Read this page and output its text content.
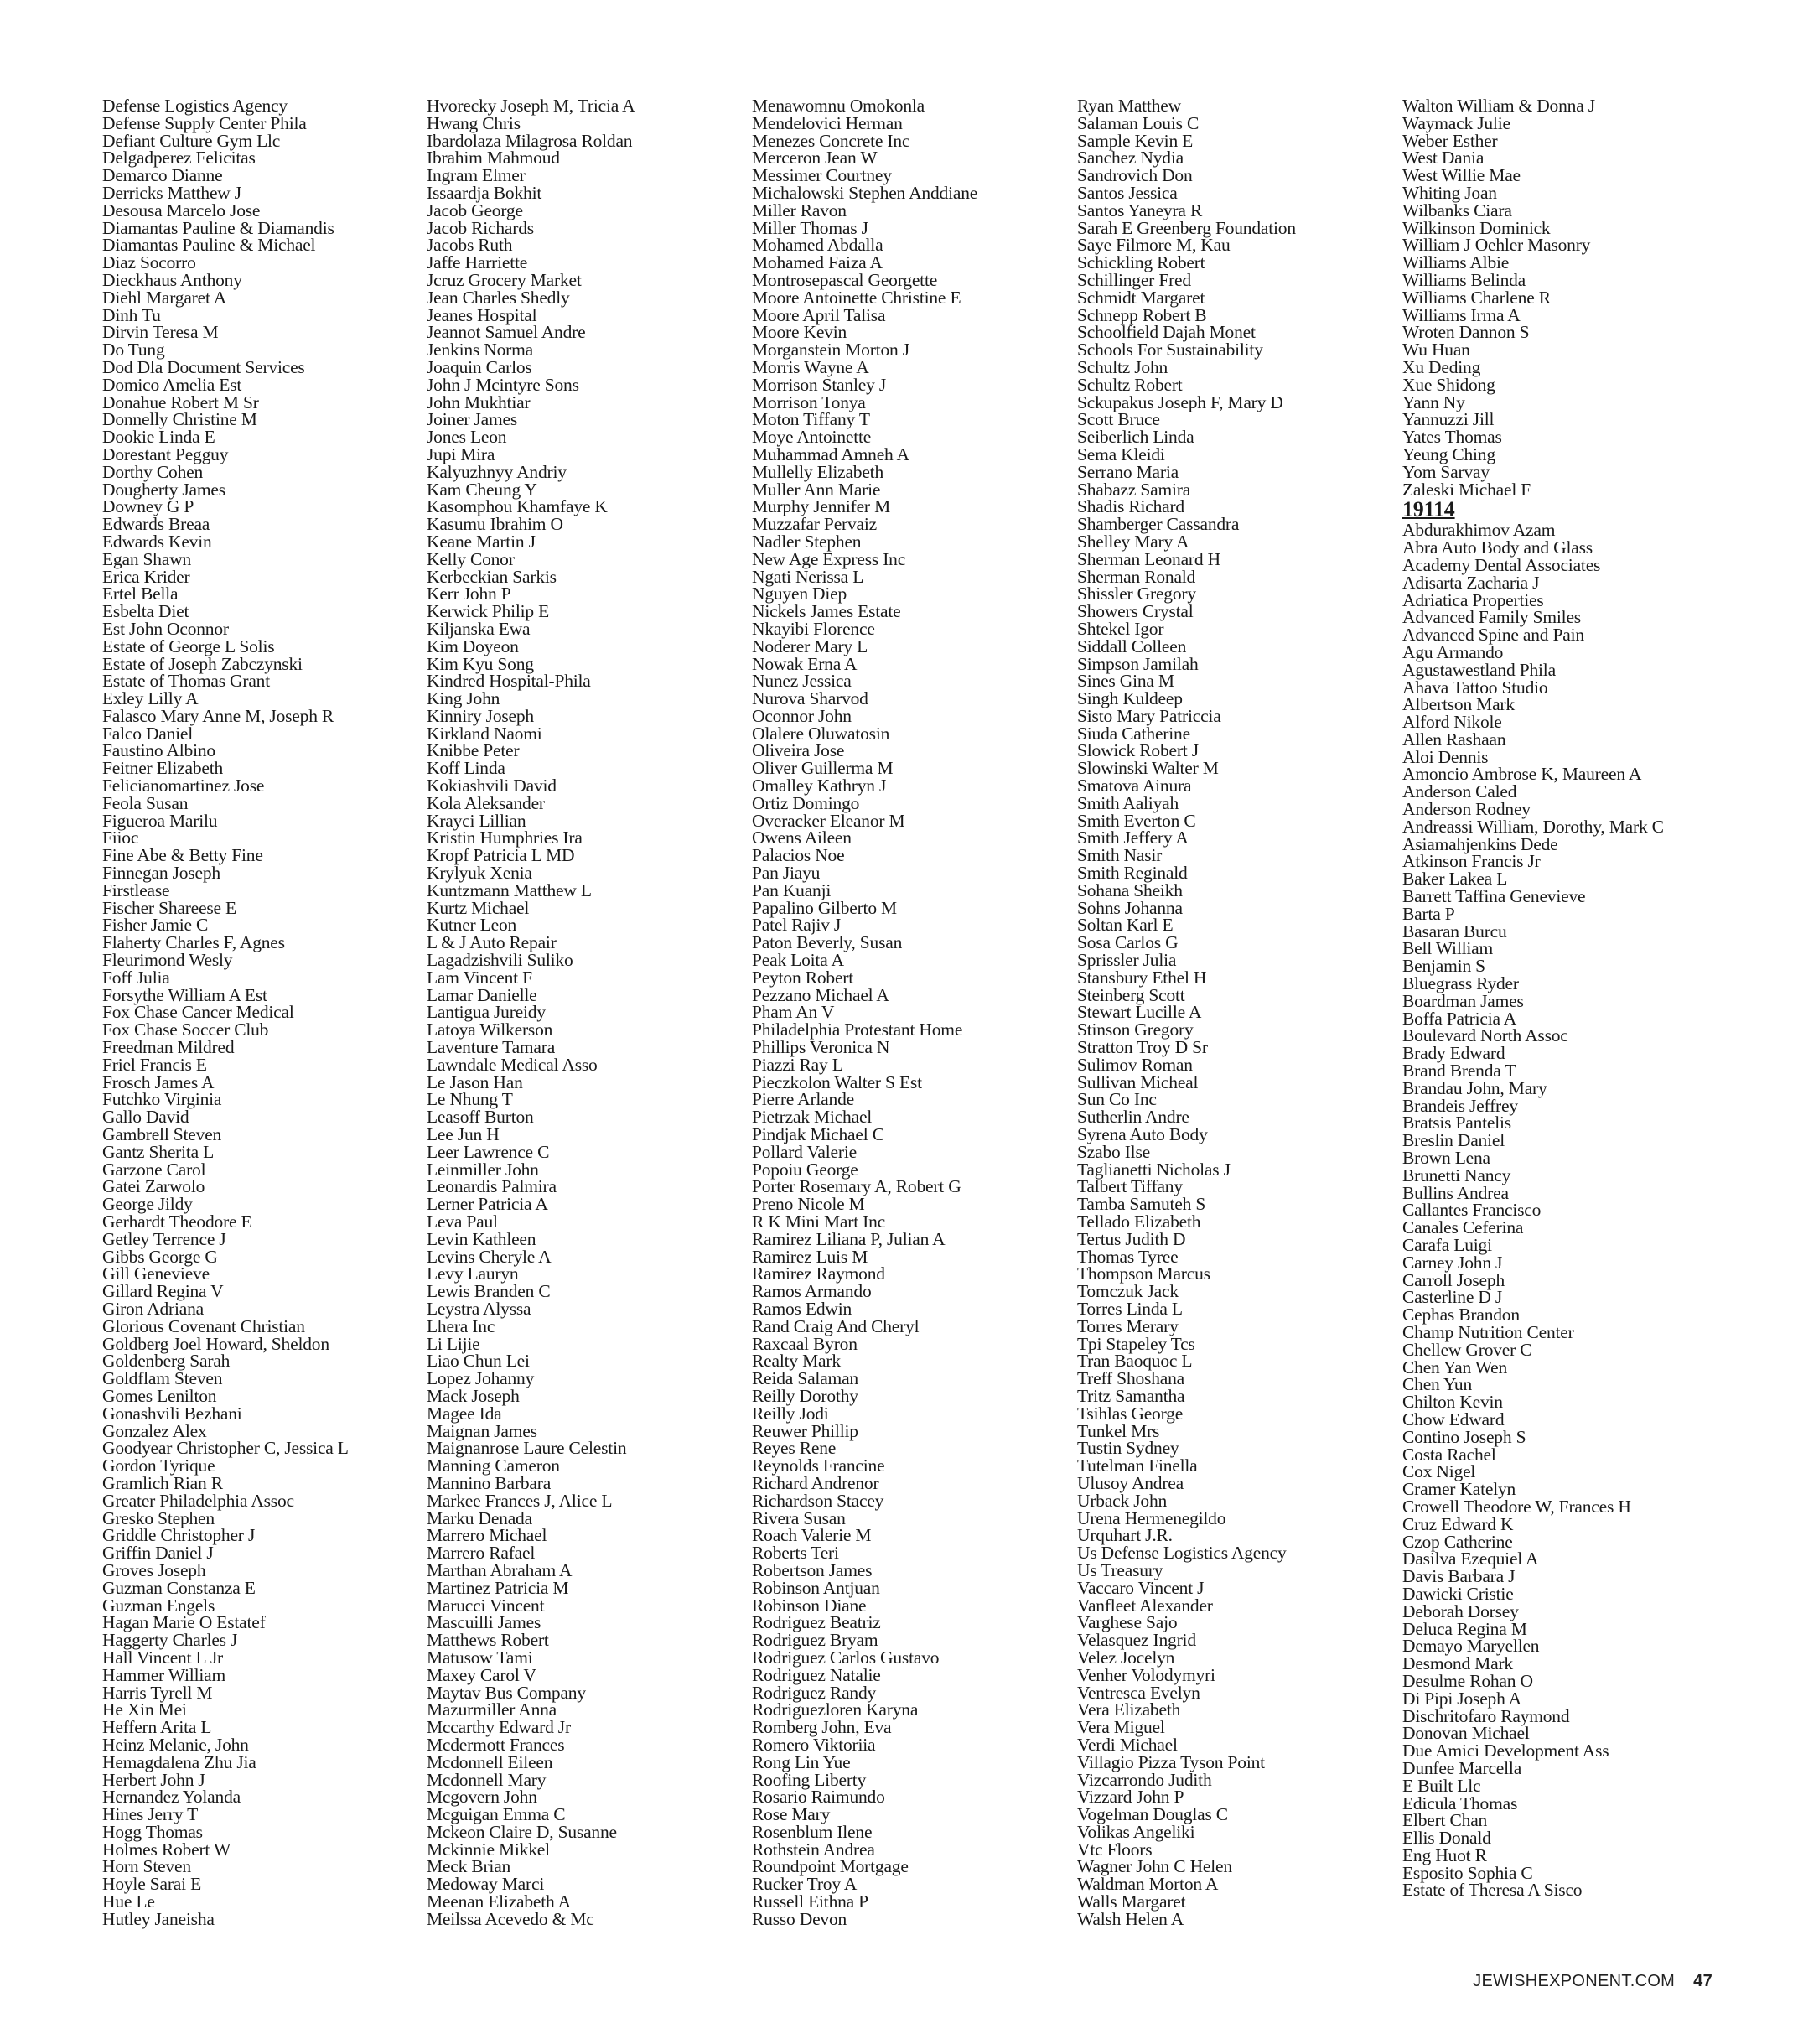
Defense Logistics Agency
Defense Supply Center Phila
Defiant Culture Gym Llc
Delgadperez Felicitas
Demarco Dianne
Derricks Matthew J
Desousa Marcelo Jose
Diamantas Pauline & Diamandis
Diamantas Pauline & Michael
Diaz Socorro
Dieckhaus Anthony
Diehl Margaret A
Dinh Tu
Dirvin Teresa M
Do Tung
Dod Dla Document Services
Domico Amelia Est
Donahue Robert M Sr
Donnelly Christine M
Dookie Linda E
Dorestant Pegguy
Dorthy Cohen
Dougherty James
Downey G P
Edwards Breaa
Edwards Kevin
Egan Shawn
Erica Krider
Ertel Bella
Esbelta Diet
Est John Oconnor
Estate of George L Solis
Estate of Joseph Zabczynski
Estate of Thomas Grant
Exley Lilly A
Falasco Mary Anne M, Joseph R
Falco Daniel
Faustino Albino
Feitner Elizabeth
Felicianomartinez Jose
Feola Susan
Figueroa Marilu
Fiioc
Fine Abe & Betty Fine
Finnegan Joseph
Firstlease
Fischer Shareese E
Fisher Jamie C
Flaherty Charles F, Agnes
Fleurimond Wesly
Foff Julia
Forsythe William A Est
Fox Chase Cancer Medical
Fox Chase Soccer Club
Freedman Mildred
Friel Francis E
Frosch James A
Futchko Virginia
Gallo David
Gambrell Steven
Gantz Sherita L
Garzone Carol
Gatei Zarwolo
George Jildy
Gerhardt Theodore E
Getley Terrence J
Gibbs George G
Gill Genevieve
Gillard Regina V
Giron Adriana
Glorious Covenant Christian
Goldberg Joel Howard, Sheldon
Goldenberg Sarah
Goldflam Steven
Gomes Lenilton
Gonashvili Bezhani
Gonzalez Alex
Goodyear Christopher C, Jessica L
Gordon Tyrique
Gramlich Rian R
Greater Philadelphia Assoc
Gresko Stephen
Griddle Christopher J
Griffin Daniel J
Groves Joseph
Guzman Constanza E
Guzman Engels
Hagan Marie O Estatef
Haggerty Charles J
Hall Vincent L Jr
Hammer William
Harris Tyrell M
He Xin Mei
Heffern Arita L
Heinz Melanie, John
Hemagdalena Zhu Jia
Herbert John J
Hernandez Yolanda
Hines Jerry T
Hogg Thomas
Holmes Robert W
Horn Steven
Hoyle Sarai E
Hue Le
Hutley Janeisha
Hvorecky Joseph M, Tricia A
Hwang Chris
Ibardolaza Milagrosa Roldan
Ibrahim Mahmoud
Ingram Elmer
Issaardja Bokhit
Jacob George
Jacob Richards
Jacobs Ruth
Jaffe Harriette
Jcruz Grocery Market
Jean Charles Shedly
Jeanes Hospital
Jeannot Samuel Andre
Jenkins Norma
Joaquin Carlos
John J Mcintyre Sons
John Mukhtiar
Joiner James
Jones Leon
Jupi Mira
Kalyuzhnyy Andriy
Kam Cheung Y
Kasomphou Khamfaye K
Kasumu Ibrahim O
Keane Martin J
Kelly Conor
Kerbeckian Sarkis
Kerr John P
Kerwick Philip E
Kiljanska Ewa
Kim Doyeon
Kim Kyu Song
Kindred Hospital-Phila
King John
Kinniry Joseph
Kirkland Naomi
Knibbe Peter
Koff Linda
Kokiashvili David
Kola Aleksander
Krayci Lillian
Kristin Humphries Ira
Kropf Patricia L MD
Krylyuk Xenia
Kuntzmann Matthew L
Kurtz Michael
Kutner Leon
L & J Auto Repair
Lagadzishvili Suliko
Lam Vincent F
Lamar Danielle
Lantigua Jureidy
Latoya Wilkerson
Laventure Tamara
Lawndale Medical Asso
Le Jason Han
Le Nhung T
Leasoff Burton
Lee Jun H
Leer Lawrence C
Leinmiller John
Leonardis Palmira
Lerner Patricia A
Leva Paul
Levin Kathleen
Levins Cheryle A
Levy Lauryn
Lewis Branden C
Leystra Alyssa
Lhera Inc
Li Lijie
Liao Chun Lei
Lopez Johanny
Mack Joseph
Magee Ida
Maignan James
Maignanrose Laure Celestin
Manning Cameron
Mannino Barbara
Markee Frances J, Alice L
Marku Denada
Marrero Michael
Marrero Rafael
Marthan Abraham A
Martinez Patricia M
Marucci Vincent
Mascuilli James
Matthews Robert
Matusow Tami
Maxey Carol V
Maytav Bus Company
Mazurmiller Anna
Mccarthy Edward Jr
Mcdermott Frances
Mcdonnell Eileen
Mcdonnell Mary
Mcgovern John
Mcguigan Emma C
Mckeon Claire D, Susanne
Mckinnie Mikkel
Meck Brian
Medoway Marci
Meenan Elizabeth A
Meilssa Acevedo & Mc
Menawomnu Omokonla
Mendelovici Herman
Menezes Concrete Inc
Merceron Jean W
Messimer Courtney
Michalowski Stephen Anddiane
Miller Ravon
Miller Thomas J
Mohamed Abdalla
Mohamed Faiza A
Montrosepascal Georgette
Moore Antoinette Christine E
Moore April Talisa
Moore Kevin
Morganstein Morton J
Morris Wayne A
Morrison Stanley J
Morrison Tonya
Moton Tiffany T
Moye Antoinette
Muhammad Amneh A
Mullelly Elizabeth
Muller Ann Marie
Murphy Jennifer M
Muzzafar Pervaiz
Nadler Stephen
New Age Express Inc
Ngati Nerissa L
Nguyen Diep
Nickels James Estate
Nkayibi Florence
Noderer Mary L
Nowak Erna A
Nunez Jessica
Nurova Sharvod
Oconnor John
Olalere Oluwatosin
Oliveira Jose
Oliver Guillerma M
Omalley Kathryn J
Ortiz Domingo
Overacker Eleanor M
Owens Aileen
Palacios Noe
Pan Jiayu
Pan Kuanji
Papalino Gilberto M
Patel Rajiv J
Paton Beverly, Susan
Peak Loita A
Peyton Robert
Pezzano Michael A
Pham An V
Philadelphia Protestant Home
Phillips Veronica N
Piazzi Ray L
Pieczkolon Walter S Est
Pierre Arlande
Pietrzak Michael
Pindjak Michael C
Pollard Valerie
Popoiu George
Porter Rosemary A, Robert G
Preno Nicole M
R K Mini Mart Inc
Ramirez Liliana P, Julian A
Ramirez Luis M
Ramirez Raymond
Ramos Armando
Ramos Edwin
Rand Craig And Cheryl
Raxcaal Byron
Realty Mark
Reida Salaman
Reilly Dorothy
Reilly Jodi
Reuwer Phillip
Reyes Rene
Reynolds Francine
Richard Andrenor
Richardson Stacey
Rivera Susan
Roach Valerie M
Roberts Teri
Robertson James
Robinson Antjuan
Robinson Diane
Rodriguez Beatriz
Rodriguez Bryam
Rodriguez Carlos Gustavo
Rodriguez Natalie
Rodriguez Randy
Rodriguezloren Karyna
Romberg John, Eva
Romero Viktoriia
Rong Lin Yue
Roofing Liberty
Rosario Raimundo
Rose Mary
Rosenblum Ilene
Rothstein Andrea
Roundpoint Mortgage
Rucker Troy A
Russell Eithna P
Russo Devon
Ryan Matthew
Salaman Louis C
Sample Kevin E
Sanchez Nydia
Sandrovich Don
Santos Jessica
Santos Yaneyra R
Sarah E Greenberg Foundation
Saye Filmore M, Kau
Schickling Robert
Schillinger Fred
Schmidt Margaret
Schnepp Robert B
Schoolfield Dajah Monet
Schools For Sustainability
Schultz John
Schultz Robert
Sckupakus Joseph F, Mary D
Scott Bruce
Seiberlich Linda
Sema Kleidi
Serrano Maria
Shabazz Samira
Shadis Richard
Shamberger Cassandra
Shelley Mary A
Sherman Leonard H
Sherman Ronald
Shissler Gregory
Showers Crystal
Shtekel Igor
Siddall Colleen
Simpson Jamilah
Sines Gina M
Singh Kuldeep
Sisto Mary Patriccia
Siuda Catherine
Slowick Robert J
Slowinski Walter M
Smatova Ainura
Smith Aaliyah
Smith Everton C
Smith Jeffery A
Smith Nasir
Smith Reginald
Sohana Sheikh
Sohns Johanna
Soltan Karl E
Sosa Carlos G
Sprissler Julia
Stansbury Ethel H
Steinberg Scott
Stewart Lucille A
Stinson Gregory
Stratton Troy D Sr
Sulimov Roman
Sullivan Micheal
Sun Co Inc
Sutherlin Andre
Syrena Auto Body
Szabo Ilse
Taglianetti Nicholas J
Talbert Tiffany
Tamba Samuteh S
Tellado Elizabeth
Tertus Judith D
Thomas Tyree
Thompson Marcus
Tomczuk Jack
Torres Linda L
Torres Merary
Tpi Stapeley Tcs
Tran Baoquoc L
Treff Shoshana
Tritz Samantha
Tsihlas George
Tunkel Mrs
Tustin Sydney
Tutelman Finella
Ulusoy Andrea
Urback John
Urena Hermenegildo
Urquhart J.R.
Us Defense Logistics Agency
Us Treasury
Vaccaro Vincent J
Vanfleet Alexander
Varghese Sajo
Velasquez Ingrid
Velez Jocelyn
Venher Volodymyri
Ventresca Evelyn
Vera Elizabeth
Vera Miguel
Verdi Michael
Villagio Pizza Tyson Point
Vizcarrondo Judith
Vizzard John P
Vogelman Douglas C
Volikas Angeliki
Vtc Floors
Wagner John C Helen
Waldman Morton A
Walls Margaret
Walsh Helen A
Walton William & Donna J
Waymack Julie
Weber Esther
West Dania
West Willie Mae
Whiting Joan
Wilbanks Ciara
Wilkinson Dominick
William J Oehler Masonry
Williams Albie
Williams Belinda
Williams Charlene R
Williams Irma A
Wroten Dannon S
Wu Huan
Xu Deding
Xue Shidong
Yann Ny
Yannuzzi Jill
Yates Thomas
Yeung Ching
Yom Sarvay
Zaleski Michael F
19114
Abdurakhimov Azam
Abra Auto Body and Glass
Academy Dental Associates
Adisarta Zacharia J
Adriatica Properties
Advanced Family Smiles
Advanced Spine and Pain
Agu Armando
Agustawestland Phila
Ahava Tattoo Studio
Albertson Mark
Alford Nikole
Allen Rashaan
Aloi Dennis
Amoncio Ambrose K, Maureen A
Anderson Caled
Anderson Rodney
Andreassi William, Dorothy, Mark C
Asiamahjenkins Dede
Atkinson Francis Jr
Baker Lakea L
Barrett Taffina Genevieve
Barta P
Basaran Burcu
Bell William
Benjamin S
Bluegrass Ryder
Boardman James
Boffa Patricia A
Boulevard North Assoc
Brady Edward
Brand Brenda T
Brandau John, Mary
Brandeis Jeffrey
Bratsis Pantelis
Breslin Daniel
Brown Lena
Brunetti Nancy
Bullins Andrea
Callantes Francisco
Canales Ceferina
Carafa Luigi
Carney John J
Carroll Joseph
Casterline D J
Cephas Brandon
Champ Nutrition Center
Chellew Grover C
Chen Yan Wen
Chen Yun
Chilton Kevin
Chow Edward
Contino Joseph S
Costa Rachel
Cox Nigel
Cramer Katelyn
Crowell Theodore W, Frances H
Cruz Edward K
Czop Catherine
Dasilva Ezequiel A
Davis Barbara J
Dawicki Cristie
Deborah Dorsey
Deluca Regina M
Demayo Maryellen
Desmond Mark
Desulme Rohan O
Di Pipi Joseph A
Dischritofaro Raymond
Donovan Michael
Due Amici Development Ass
Dunfee Marcella
E Built Llc
Edicula Thomas
Elbert Chan
Ellis Donald
Eng Huot R
Esposito Sophia C
Estate of Theresa A Sisco
JEWISHEXPONENT.COM 47
